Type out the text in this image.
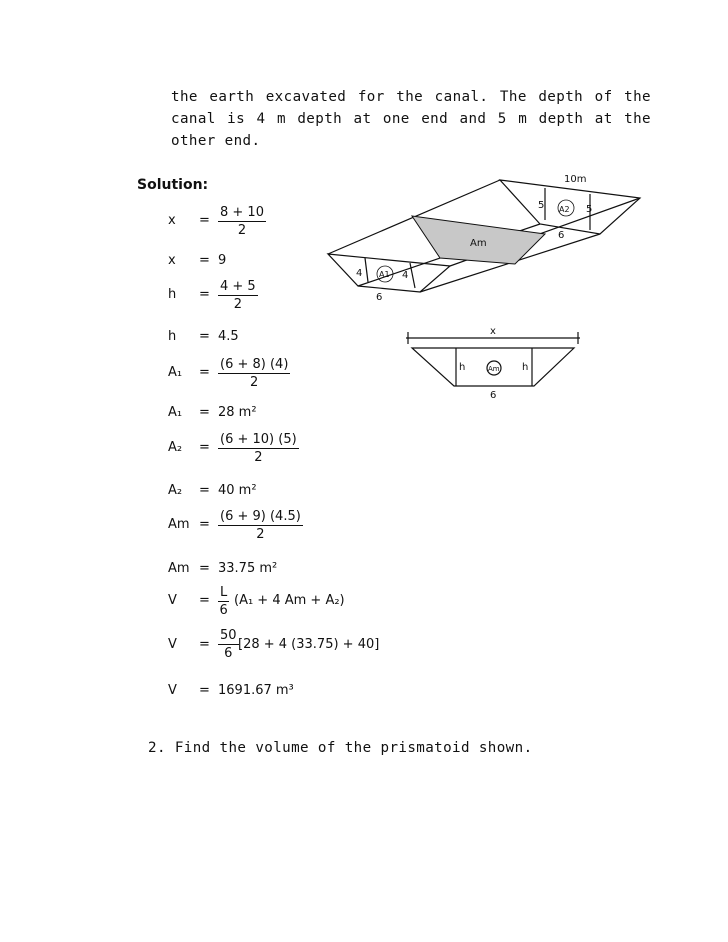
the earth excavated for the canal. The depth of the
canal is 4 m depth at one end and 5 m depth at the
other end.
Solution:
x	= $\frac{8 + 10}{2}$
x	= 9
h	= $\frac{4 + 5}{2}$
h	= 4.5
A₁	= $\frac{(6 + 8) (4)}{2}$
A₁	= 28 m²
A₂	= $\frac{(6 + 10) (5)}{2}$
A₂	= 40 m²
$Am = \frac{(6 + 9) (4.5)}{2}$
Am = 33.75 m²
V	= $\frac{L}{6} (A_1 + 4$ Am + A₂)
V	= $\frac{50}{6} [28 + 4$ (33.75) + 40]
V	= 1691.67 m³
10m
5 A2 5
6
Am
4 A1 4
6
x
h	Am h
6
2. Find the volume of the prismatoid shown.
